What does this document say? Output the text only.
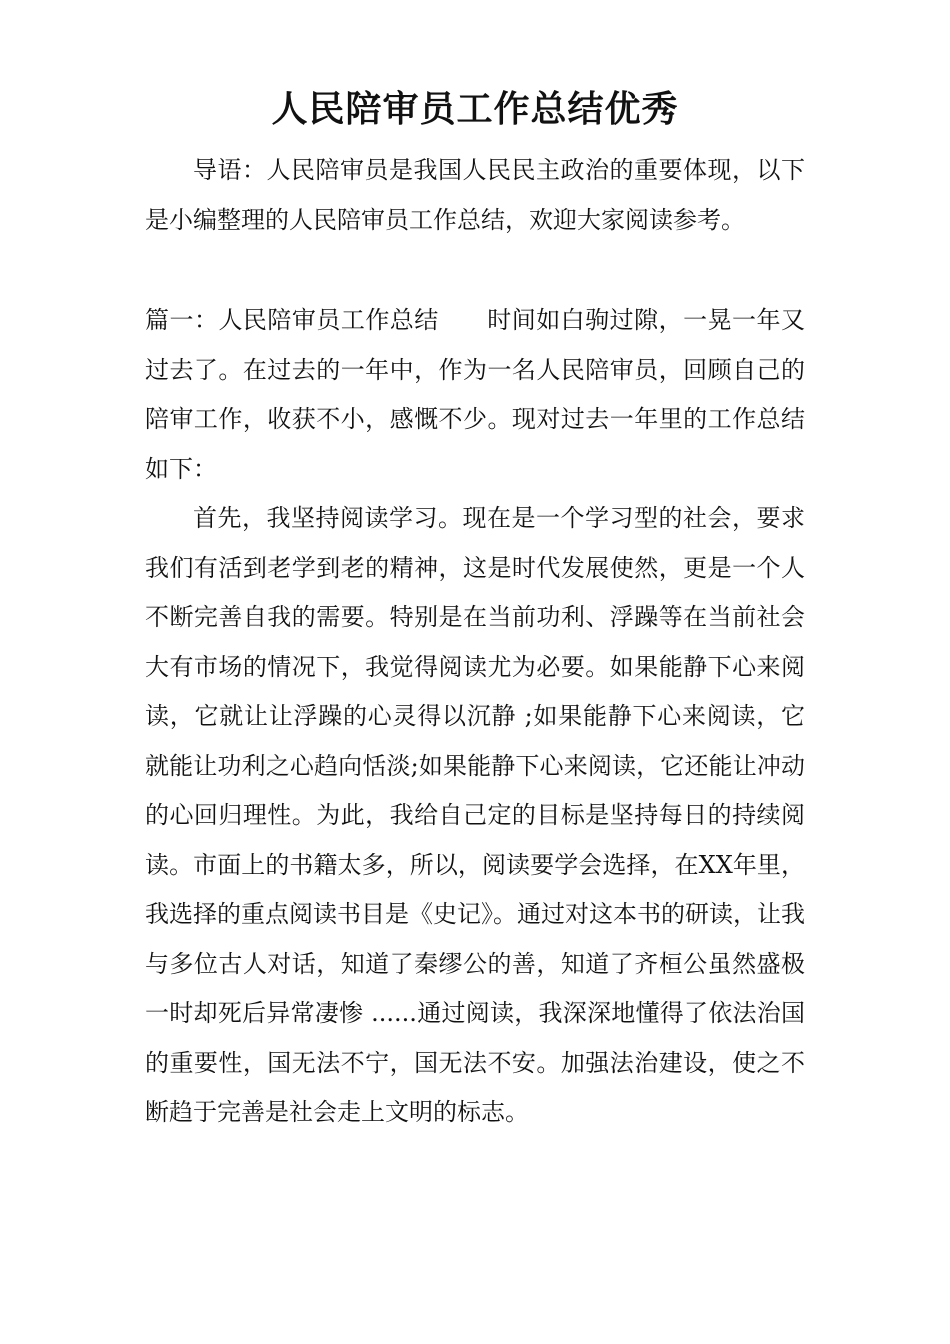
人民陪审员工作总结优秀

导语：人民陪审员是我国人民民主政治的重要体现，以下是小编整理的人民陪审员工作总结，欢迎大家阅读参考。

篇一：人民陪审员工作总结 时间如白驹过隙，一晃一年又过去了。在过去的一年中，作为一名人民陪审员，回顾自己的陪审工作，收获不小，感慨不少。现对过去一年里的工作总结如下：

首先，我坚持阅读学习。现在是一个学习型的社会，要求我们有活到老学到老的精神，这是时代发展使然，更是一个人不断完善自我的需要。特别是在当前功利、浮躁等在当前社会大有市场的情况下，我觉得阅读尤为必要。如果能静下心来阅读，它就让让浮躁的心灵得以沉静 ;如果能静下心来阅读，它就能让功利之心趋向恬淡;如果能静下心来阅读，它还能让冲动的心回归理性。为此，我给自己定的目标是坚持每日的持续阅读。市面上的书籍太多，所以，阅读要学会选择，在XX年里，我选择的重点阅读书目是《史记》。通过对这本书的研读，让我与多位古人对话，知道了秦缪公的善，知道了齐桓公虽然盛极一时却死后异常凄惨 ......通过阅读，我深深地懂得了依法治国的重要性，国无法不宁，国无法不安。加强法治建设，使之不断趋于完善是社会走上文明的标志。
